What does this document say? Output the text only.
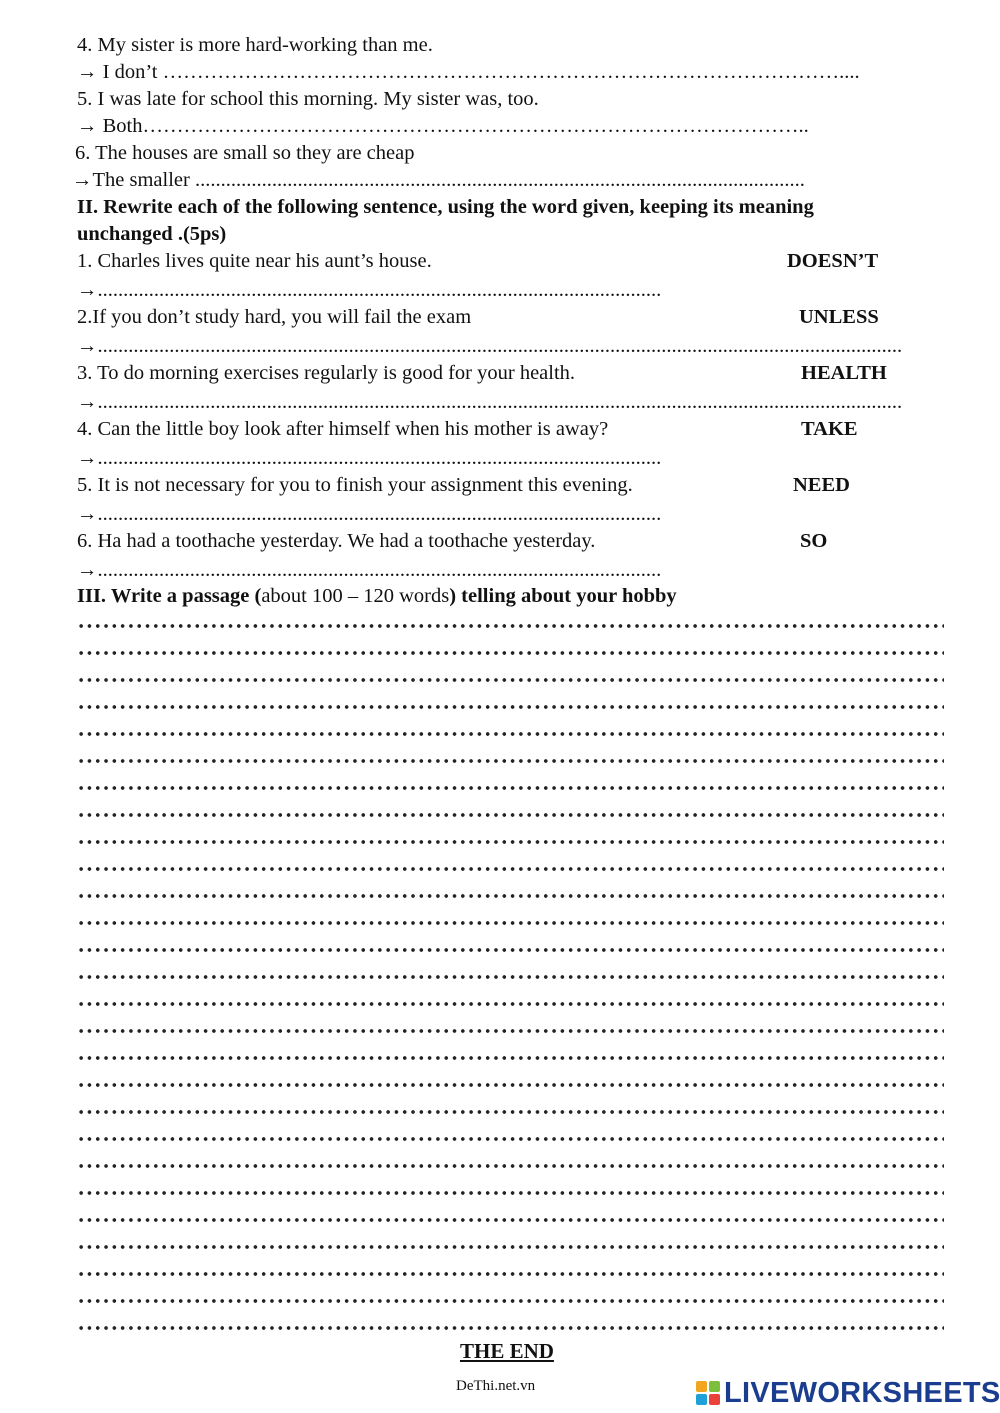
4. My sister is more hard-working than me.
→ I don’t ………………………………………………………………………………………....
5. I was late for school this morning. My sister was, too.
→ Both……………………………………………………………………………………..
6. The houses are small so they are cheap
→The smaller .......................................................................................................................
II. Rewrite each of the following sentence, using the word given, keeping its meaning
unchanged .(5ps)
1. Charles lives quite near his aunt’s house.	DOESN’T
→..............................................................................................................
2.If you don’t study hard, you will fail the exam	UNLESS
→.............................................................................................................................................................
3. To do morning exercises regularly is good for your health.	HEALTH
→.............................................................................................................................................................
4. Can the little boy look after himself when his mother is away?	TAKE
→..............................................................................................................
5. It is not necessary for you to finish your assignment this evening.	NEED
→..............................................................................................................
6. Ha had a toothache yesterday. We had a toothache yesterday.	SO
→..............................................................................................................
III. Write a passage (about 100 – 120 words) telling about your hobby
THE END
DeThi.net.vn	LIVEWORKSHEETS
